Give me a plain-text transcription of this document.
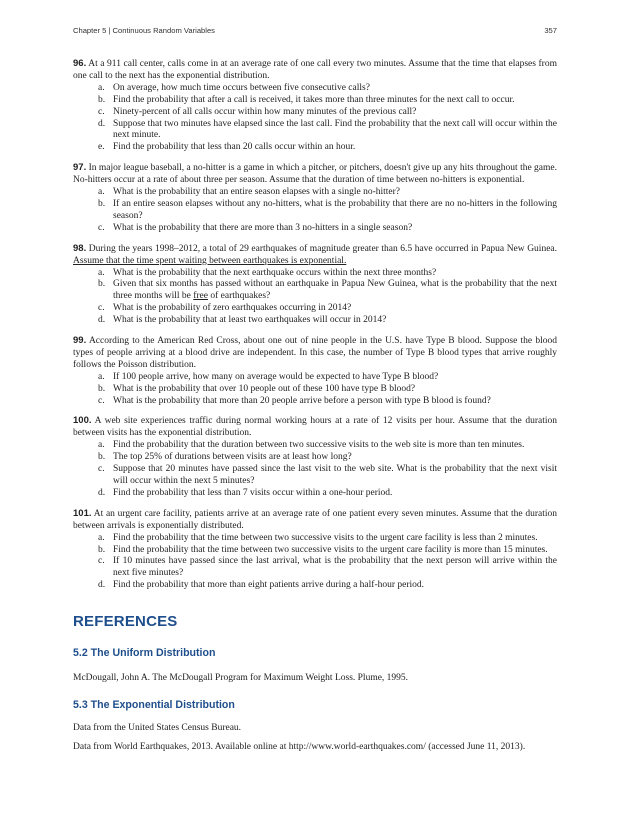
Chapter 5 | Continuous Random Variables	357

96. At a 911 call center, calls come in at an average rate of one call every two minutes. Assume that the time that elapses from one call to the next has the exponential distribution.

a. On average, how much time occurs between five consecutive calls?
b. Find the probability that after a call is received, it takes more than three minutes for the next call to occur.
c. Ninety-percent of all calls occur within how many minutes of the previous call?
d. Suppose that two minutes have elapsed since the last call. Find the probability that the next call will occur within the next minute.
e. Find the probability that less than 20 calls occur within an hour.

97. In major league baseball, a no-hitter is a game in which a pitcher, or pitchers, doesn't give up any hits throughout the game. No-hitters occur at a rate of about three per season. Assume that the duration of time between no-hitters is exponential.

a. What is the probability that an entire season elapses with a single no-hitter?
b. If an entire season elapses without any no-hitters, what is the probability that there are no no-hitters in the following season?
c. What is the probability that there are more than 3 no-hitters in a single season?

98. During the years 1998–2012, a total of 29 earthquakes of magnitude greater than 6.5 have occurred in Papua New Guinea. Assume that the time spent waiting between earthquakes is exponential.

a. What is the probability that the next earthquake occurs within the next three months?
b. Given that six months has passed without an earthquake in Papua New Guinea, what is the probability that the next three months will be free of earthquakes?
c. What is the probability of zero earthquakes occurring in 2014?
d. What is the probability that at least two earthquakes will occur in 2014?

99. According to the American Red Cross, about one out of nine people in the U.S. have Type B blood. Suppose the blood types of people arriving at a blood drive are independent. In this case, the number of Type B blood types that arrive roughly follows the Poisson distribution.

a. If 100 people arrive, how many on average would be expected to have Type B blood?
b. What is the probability that over 10 people out of these 100 have type B blood?
c. What is the probability that more than 20 people arrive before a person with type B blood is found?

100. A web site experiences traffic during normal working hours at a rate of 12 visits per hour. Assume that the duration between visits has the exponential distribution.

a. Find the probability that the duration between two successive visits to the web site is more than ten minutes.
b. The top 25% of durations between visits are at least how long?
c. Suppose that 20 minutes have passed since the last visit to the web site. What is the probability that the next visit will occur within the next 5 minutes?
d. Find the probability that less than 7 visits occur within a one-hour period.

101. At an urgent care facility, patients arrive at an average rate of one patient every seven minutes. Assume that the duration between arrivals is exponentially distributed.

a. Find the probability that the time between two successive visits to the urgent care facility is less than 2 minutes.
b. Find the probability that the time between two successive visits to the urgent care facility is more than 15 minutes.
c. If 10 minutes have passed since the last arrival, what is the probability that the next person will arrive within the next five minutes?
d. Find the probability that more than eight patients arrive during a half-hour period.
REFERENCES
5.2 The Uniform Distribution

McDougall, John A. The McDougall Program for Maximum Weight Loss. Plume, 1995.

5.3 The Exponential Distribution

Data from the United States Census Bureau.

Data from World Earthquakes, 2013. Available online at http://www.world-earthquakes.com/ (accessed June 11, 2013).
